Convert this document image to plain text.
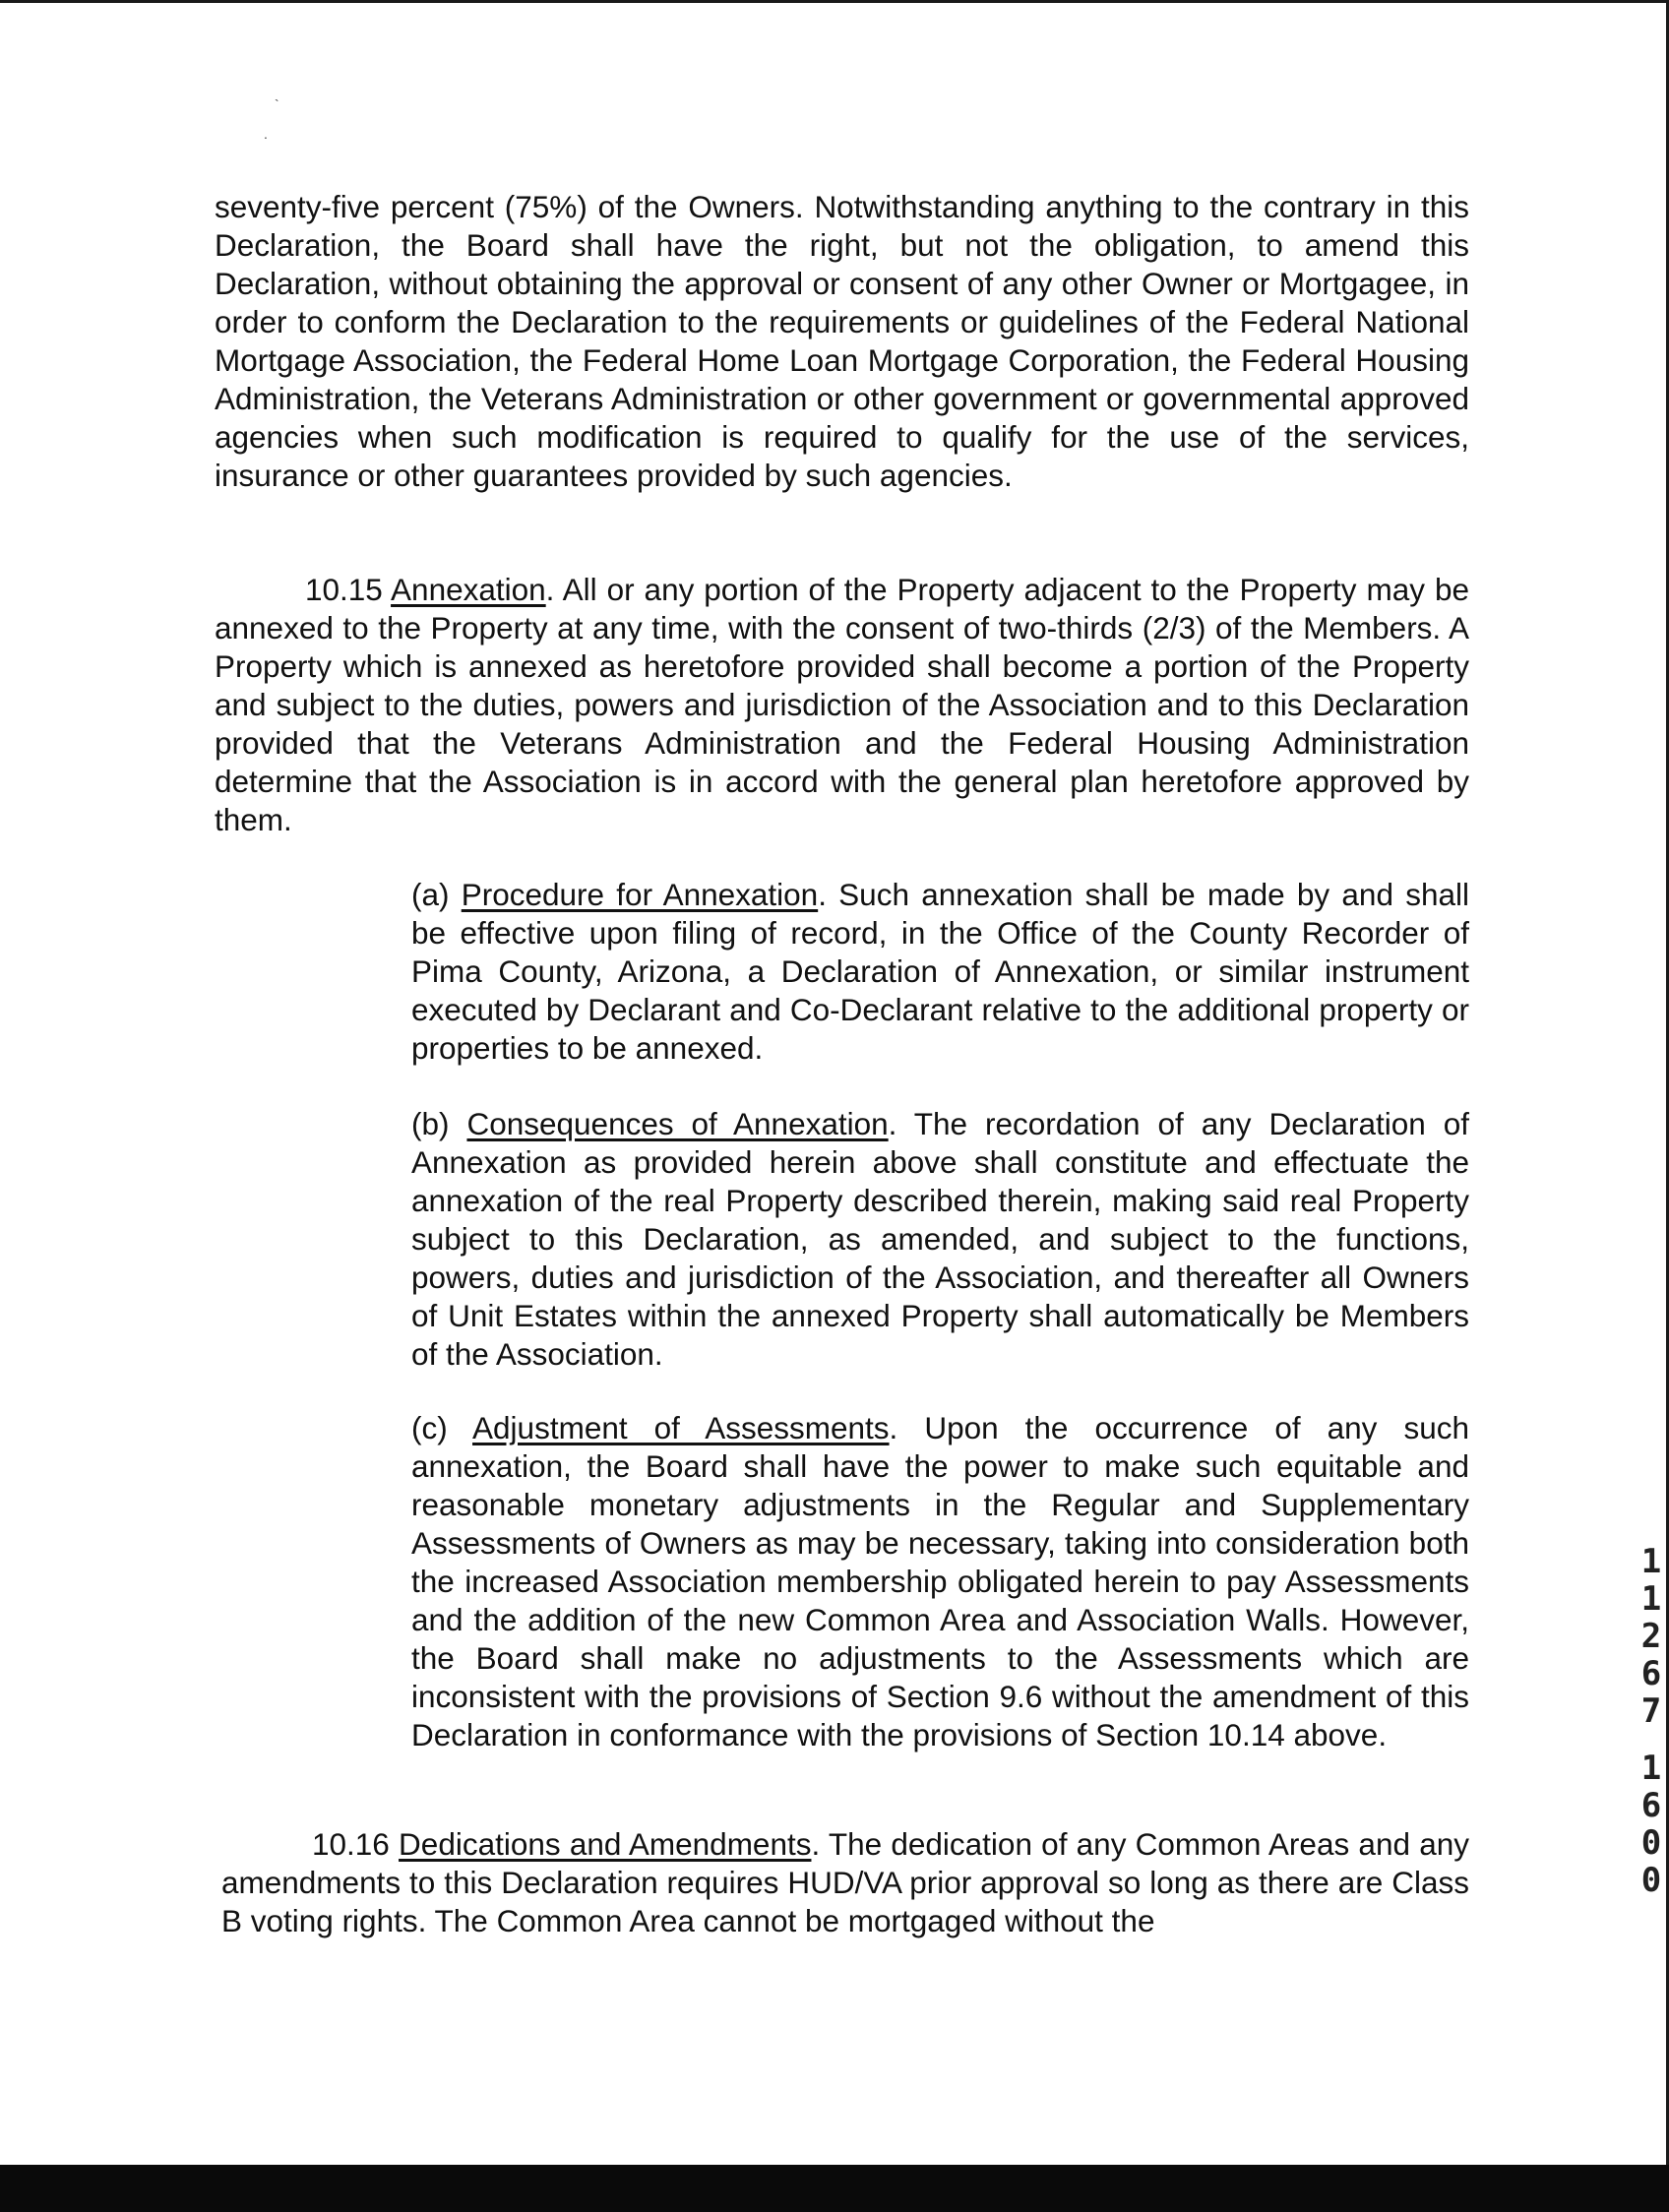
`
.
seventy-five percent (75%) of the Owners. Notwithstanding anything to the contrary in this Declaration, the Board shall have the right, but not the obligation, to amend this Declaration, without obtaining the approval or consent of any other Owner or Mortgagee, in order to conform the Declaration to the requirements or guidelines of the Federal National Mortgage Association, the Federal Home Loan Mortgage Corporation, the Federal Housing Administration, the Veterans Administration or other government or governmental approved agencies when such modification is required to qualify for the use of the services, insurance or other guarantees provided by such agencies.
10.15 Annexation. All or any portion of the Property adjacent to the Property may be annexed to the Property at any time, with the consent of two-thirds (2/3) of the Members. A Property which is annexed as heretofore provided shall become a portion of the Property and subject to the duties, powers and jurisdiction of the Association and to this Declaration provided that the Veterans Administration and the Federal Housing Administration determine that the Association is in accord with the general plan heretofore approved by them.
(a) Procedure for Annexation. Such annexation shall be made by and shall be effective upon filing of record, in the Office of the County Recorder of Pima County, Arizona, a Declaration of Annexation, or similar instrument executed by Declarant and Co-Declarant relative to the additional property or properties to be annexed.
(b) Consequences of Annexation. The recordation of any Declaration of Annexation as provided herein above shall constitute and effectuate the annexation of the real Property described therein, making said real Property subject to this Declaration, as amended, and subject to the functions, powers, duties and jurisdiction of the Association, and thereafter all Owners of Unit Estates within the annexed Property shall automatically be Members of the Association.
(c) Adjustment of Assessments. Upon the occurrence of any such annexation, the Board shall have the power to make such equitable and reasonable monetary adjustments in the Regular and Supplementary Assessments of Owners as may be necessary, taking into consideration both the increased Association membership obligated herein to pay Assessments and the addition of the new Common Area and Association Walls. However, the Board shall make no adjustments to the Assessments which are inconsistent with the provisions of Section 9.6 without the amendment of this Declaration in conformance with the provisions of Section 10.14 above.
10.16 Dedications and Amendments. The dedication of any Common Areas and any amendments to this Declaration requires HUD/VA prior approval so long as there are Class B voting rights. The Common Area cannot be mortgaged without the
1
1
2
6
7
1
6
0
0
